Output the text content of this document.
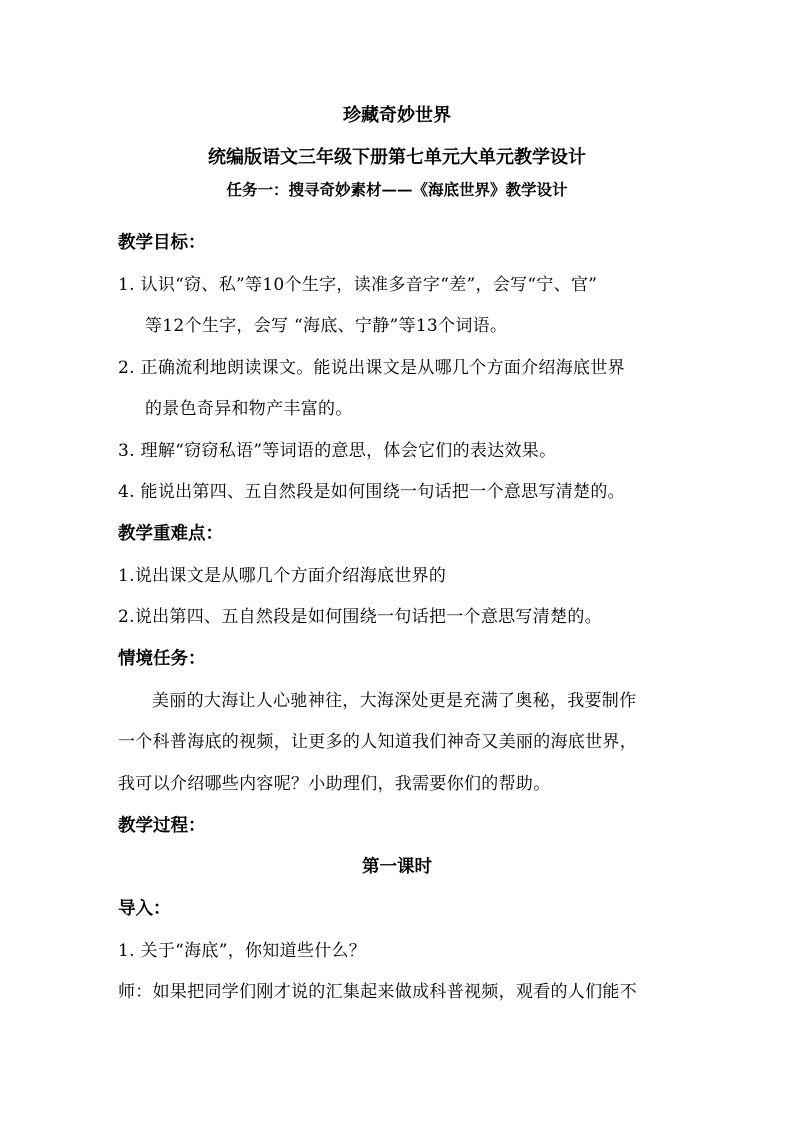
珍藏奇妙世界
统编版语文三年级下册第七单元大单元教学设计
任务一：搜寻奇妙素材——《海底世界》教学设计
教学目标：
1. 认识“窃、私”等10个生字，读准多音字“差”，会写“宁、官”
等12个生字，会写 “海底、宁静”等13个词语。
2. 正确流利地朗读课文。能说出课文是从哪几个方面介绍海底世界
的景色奇异和物产丰富的。
3. 理解“窃窃私语”等词语的意思，体会它们的表达效果。
4. 能说出第四、五自然段是如何围绕一句话把一个意思写清楚的。
教学重难点：
1.说出课文是从哪几个方面介绍海底世界的
2.说出第四、五自然段是如何围绕一句话把一个意思写清楚的。
情境任务：
美丽的大海让人心驰神往，大海深处更是充满了奥秘，我要制作
一个科普海底的视频，让更多的人知道我们神奇又美丽的海底世界，
我可以介绍哪些内容呢？小助理们，我需要你们的帮助。
教学过程：
第一课时
导入：
1. 关于“海底”，你知道些什么？
师：如果把同学们刚才说的汇集起来做成科普视频，观看的人们能不
